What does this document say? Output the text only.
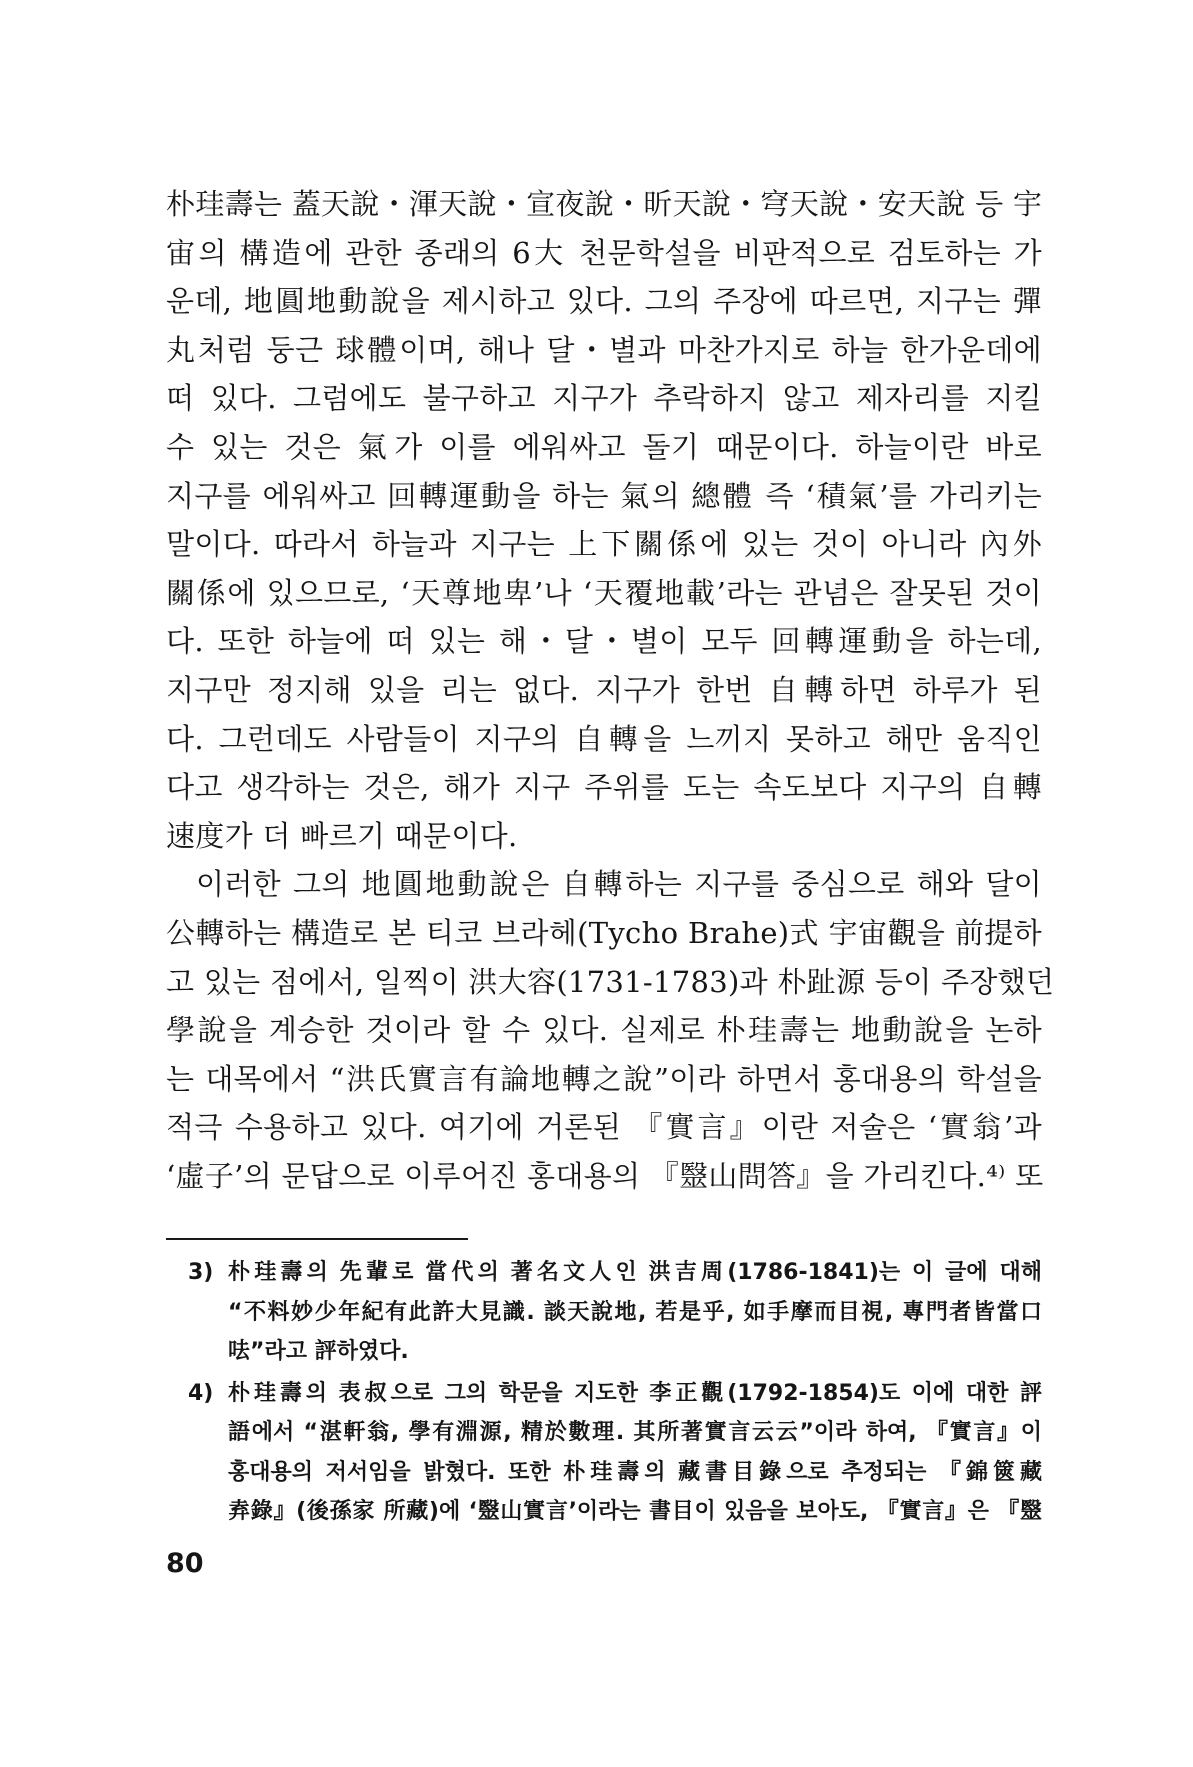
朴珪壽는 蓋天說・渾天說・宣夜說・昕天說・穹天說・安天說 등 宇
宙의 構造에 관한 종래의 6大 천문학설을 비판적으로 검토하는 가
운데, 地圓地動說을 제시하고 있다. 그의 주장에 따르면, 지구는 彈
丸처럼 둥근 球體이며, 해나 달・별과 마찬가지로 하늘 한가운데에
떠 있다. 그럼에도 불구하고 지구가 추락하지 않고 제자리를 지킬
수 있는 것은 氣가 이를 에워싸고 돌기 때문이다. 하늘이란 바로
지구를 에워싸고 回轉運動을 하는 氣의 總體 즉 ‘積氣’를 가리키는
말이다. 따라서 하늘과 지구는 上下關係에 있는 것이 아니라 內外
關係에 있으므로, ‘天尊地卑’나 ‘天覆地載’라는 관념은 잘못된 것이
다. 또한 하늘에 떠 있는 해・달・별이 모두 回轉運動을 하는데,
지구만 정지해 있을 리는 없다. 지구가 한번 自轉하면 하루가 된
다. 그런데도 사람들이 지구의 自轉을 느끼지 못하고 해만 움직인
다고 생각하는 것은, 해가 지구 주위를 도는 속도보다 지구의 自轉
速度가 더 빠르기 때문이다.
이러한 그의 地圓地動說은 自轉하는 지구를 중심으로 해와 달이
公轉하는 構造로 본 티코 브라헤(Tycho Brahe)式 宇宙觀을 前提하
고 있는 점에서, 일찍이 洪大容(1731-1783)과 朴趾源 등이 주장했던
學說을 계승한 것이라 할 수 있다. 실제로 朴珪壽는 地動說을 논하
는 대목에서 “洪氏實言有論地轉之說”이라 하면서 홍대용의 학설을
적극 수용하고 있다. 여기에 거론된 『實言』이란 저술은 ‘實翁’과
‘虛子’의 문답으로 이루어진 홍대용의 『毉山問答』을 가리킨다.⁴⁾ 또
3) 朴珪壽의 先輩로 當代의 著名文人인 洪吉周(1786-1841)는 이 글에 대해
“不料妙少年紀有此許大見識. 談天說地, 若是乎, 如手摩而目視, 專門者皆當口
呿”라고 評하였다.
4) 朴珪壽의 表叔으로 그의 학문을 지도한 李正觀(1792-1854)도 이에 대한 評
語에서 “湛軒翁, 學有淵源, 精於數理. 其所著實言云云”이라 하여, 『實言』이
홍대용의 저서임을 밝혔다. 또한 朴珪壽의 藏書目錄으로 추정되는 『錦篋藏
弆錄』(後孫家 所藏)에 ‘毉山實言’이라는 書目이 있음을 보아도, 『實言』은 『毉
80
